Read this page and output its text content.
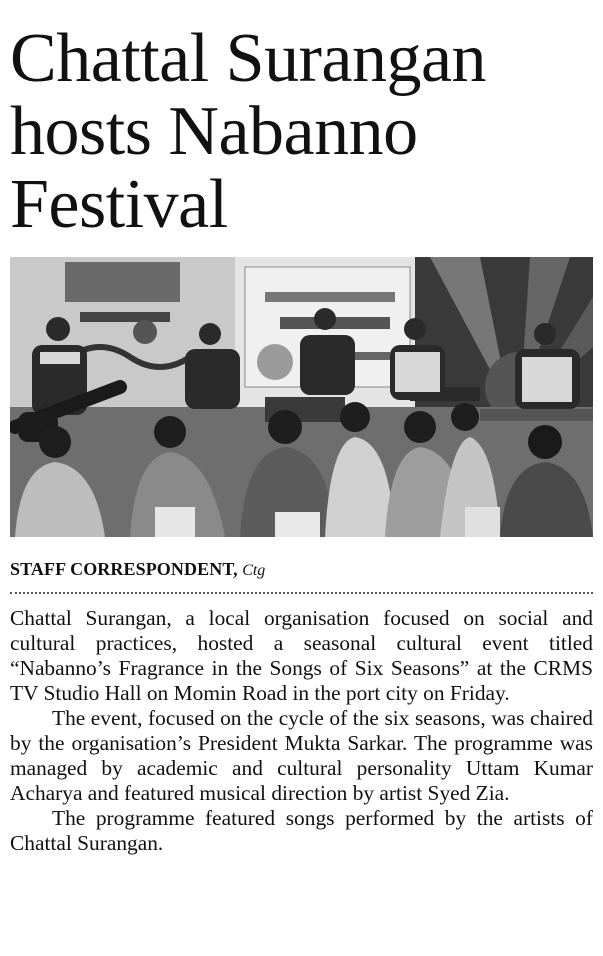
Chattal Surangan hosts Nabanno Festival
STAFF CORRESPONDENT, Ctg

Chattal Surangan, a local organisation focused on social and cultural practices, hosted a seasonal cultural event titled “Nabanno’s Fragrance in the Songs of Six Seasons” at the CRMS TV Studio Hall on Momin Road in the port city on Friday.

The event, focused on the cycle of the six seasons, was chaired by the organisation’s President Mukta Sarkar. The programme was managed by academic and cultural personality Uttam Kumar Acharya and featured musical direction by artist Syed Zia.

The programme featured songs performed by the artists of Chattal Surangan.
